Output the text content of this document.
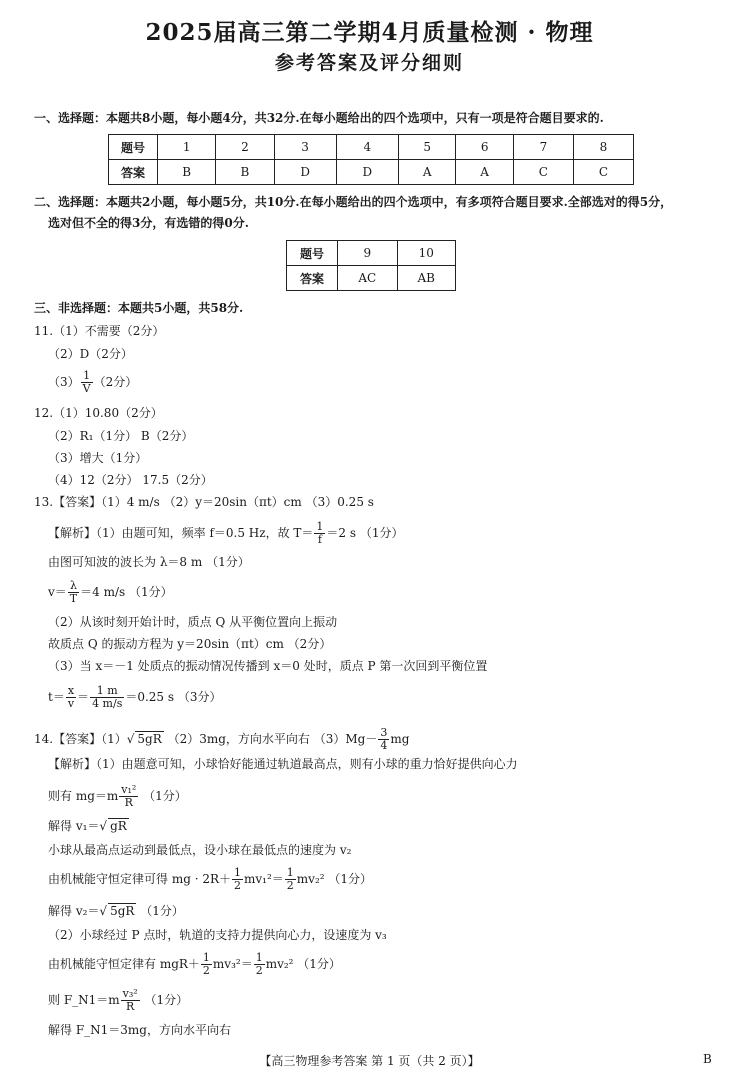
2025届高三第二学期4月质量检测 · 物理
参考答案及评分细则
一、选择题：本题共8小题，每小题4分，共32分.在每小题给出的四个选项中，只有一项是符合题目要求的.
题号	1	2	3	4	5	6	7	8
答案	B	B	D	D	A	A	C	C
二、选择题：本题共2小题，每小题5分，共10分.在每小题给出的四个选项中，有多项符合题目要求.全部选对的得5分，
选对但不全的得3分，有选错的得0分.
题号	9	10
答案	AC	AB
三、非选择题：本题共5小题，共58分.
11.（1）不需要（2分）
（2）D（2分）
$(3) \frac{1}{V} (2$分）
12.（1）10.80（2分）
（2）R₁（1分） B（2分）
（3）增大（1分）
（4）12（2分） 17.5（2分）
13.【答案】（1）4 m/s （2）y＝20sin（πt）cm （3）0.25 s
【解析】（1）由题可知，频率 f＝0.5 Hz，故 $T= \frac{1}{f} =2$ s （1分）
由图可知波的波长为 λ＝8 m （1分）
$v= \frac{\lambda}{T} =4$ m/s （1分）
（2）从该时刻开始计时，质点 Q 从平衡位置向上振动
故质点 Q 的振动方程为 y＝20sin（πt）cm （2分）
（3）当 x＝－1 处质点的振动情况传播到 x＝0 处时，质点 P 第一次回到平衡位置
$t= \frac{x}{v} = \frac{1 m}{4 m/s} =0.25$ s （3分）
14.【答案】（1）√ 5gR （2）3mg，方向水平向右 $(3)Mg- \frac{3}{4}$ mg
【解析】（1）由题意可知，小球恰好能通过轨道最高点，则有小球的重力恰好提供向心力
则有 $mg=m \frac{\text{v₁²}}{R} (1$分）
解得 v₁＝√ gR
小球从最高点运动到最低点，设小球在最低点的速度为 v₂
由机械能守恒定律可得 mg · $2R+ \frac{1}{2} mv_1^2= \frac{1}{2} mv_2^2$ （1分）
解得 v₂＝√ 5gR （1分）
（2）小球经过 P 点时，轨道的支持力提供向心力，设速度为 v₃
由机械能守恒定律有 $mgR+ \frac{1}{2} mv_3^2= \frac{1}{2} mv_2^2$ （1分）
则 F_N1＝m $\frac{\text{v₃²}}{R} (1$分）
解得 F_N1＝3mg，方向水平向右
【高三物理参考答案 第 1 页（共 2 页）】	B
